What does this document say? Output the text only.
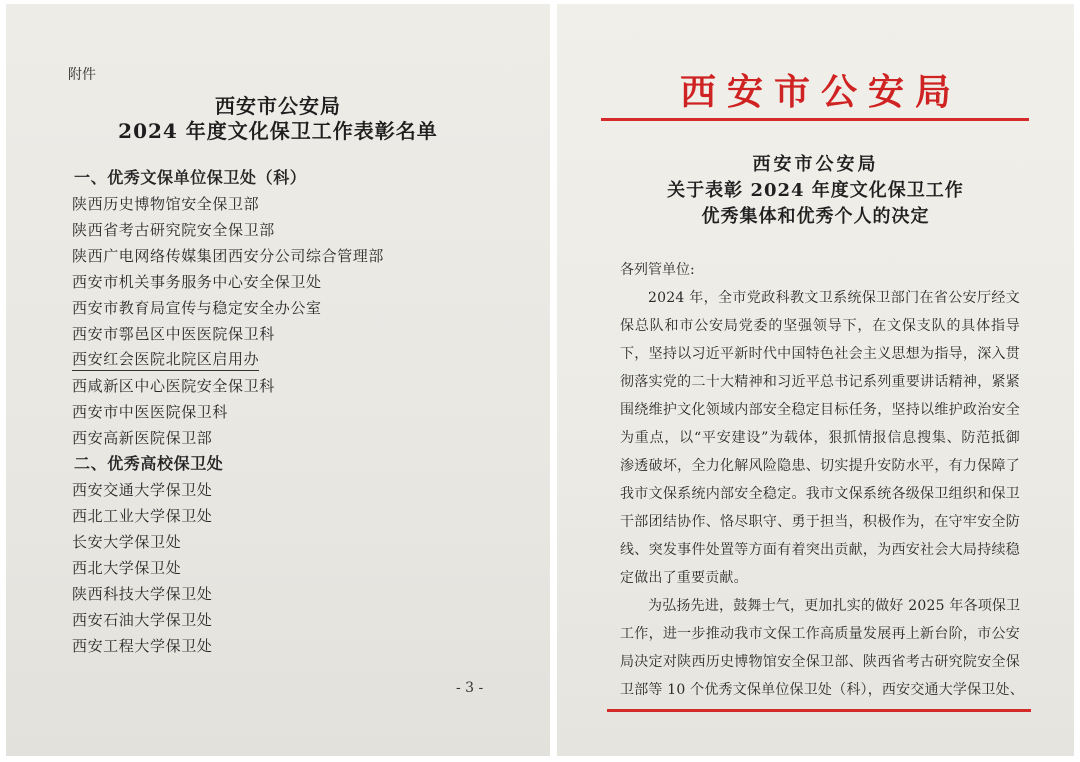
附件
西安市公安局
2024 年度文化保卫工作表彰名单
一、优秀文保单位保卫处（科）
陕西历史博物馆安全保卫部
陕西省考古研究院安全保卫部
陕西广电网络传媒集团西安分公司综合管理部
西安市机关事务服务中心安全保卫处
西安市教育局宣传与稳定安全办公室
西安市鄠邑区中医医院保卫科
西安红会医院北院区启用办
西咸新区中心医院安全保卫科
西安市中医医院保卫科
西安高新医院保卫部
二、优秀高校保卫处
西安交通大学保卫处
西北工业大学保卫处
长安大学保卫处
西北大学保卫处
陕西科技大学保卫处
西安石油大学保卫处
西安工程大学保卫处
- 3 -
西安市公安局
西安市公安局
关于表彰 2024 年度文化保卫工作
优秀集体和优秀个人的决定
各列管单位:
2024 年，全市党政科教文卫系统保卫部门在省公安厅经文
保总队和市公安局党委的坚强领导下，在文保支队的具体指导
下，坚持以习近平新时代中国特色社会主义思想为指导，深入贯
彻落实党的二十大精神和习近平总书记系列重要讲话精神，紧紧
围绕维护文化领域内部安全稳定目标任务，坚持以维护政治安全
为重点，以“平安建设”为载体，狠抓情报信息搜集、防范抵御
渗透破坏，全力化解风险隐患、切实提升安防水平，有力保障了
我市文保系统内部安全稳定。我市文保系统各级保卫组织和保卫
干部团结协作、恪尽职守、勇于担当，积极作为，在守牢安全防
线、突发事件处置等方面有着突出贡献，为西安社会大局持续稳
定做出了重要贡献。
为弘扬先进，鼓舞士气，更加扎实的做好 2025 年各项保卫
工作，进一步推动我市文保工作高质量发展再上新台阶，市公安
局决定对陕西历史博物馆安全保卫部、陕西省考古研究院安全保
卫部等 10 个优秀文保单位保卫处（科），西安交通大学保卫处、
